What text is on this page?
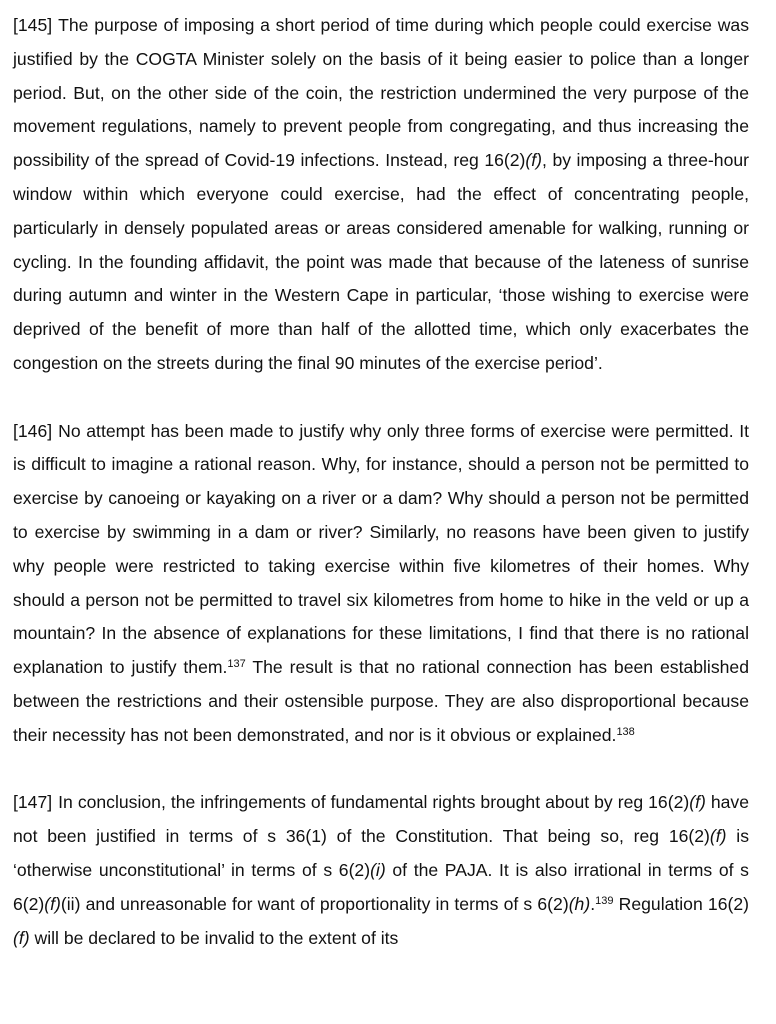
[145] The purpose of imposing a short period of time during which people could exercise was justified by the COGTA Minister solely on the basis of it being easier to police than a longer period. But, on the other side of the coin, the restriction undermined the very purpose of the movement regulations, namely to prevent people from congregating, and thus increasing the possibility of the spread of Covid-19 infections. Instead, reg 16(2)(f), by imposing a three-hour window within which everyone could exercise, had the effect of concentrating people, particularly in densely populated areas or areas considered amenable for walking, running or cycling. In the founding affidavit, the point was made that because of the lateness of sunrise during autumn and winter in the Western Cape in particular, ‘those wishing to exercise were deprived of the benefit of more than half of the allotted time, which only exacerbates the congestion on the streets during the final 90 minutes of the exercise period’.

[146] No attempt has been made to justify why only three forms of exercise were permitted. It is difficult to imagine a rational reason. Why, for instance, should a person not be permitted to exercise by canoeing or kayaking on a river or a dam? Why should a person not be permitted to exercise by swimming in a dam or river? Similarly, no reasons have been given to justify why people were restricted to taking exercise within five kilometres of their homes. Why should a person not be permitted to travel six kilometres from home to hike in the veld or up a mountain? In the absence of explanations for these limitations, I find that there is no rational explanation to justify them.$^{137}$ The result is that no rational connection has been established between the restrictions and their ostensible purpose. They are also disproportional because their necessity has not been demonstrated, and nor is it obvious or explained.$^{138}$

[147] In conclusion, the infringements of fundamental rights brought about by reg 16(2)(f) have not been justified in terms of s 36(1) of the Constitution. That being so, reg 16(2)(f) is ‘otherwise unconstitutional’ in terms of s 6(2)(i) of the PAJA. It is also irrational in terms of s 6(2)(f)(ii) and unreasonable for want of proportionality in terms of s 6(2)(h).$^{139}$ Regulation 16(2)(f) will be declared to be invalid to the extent of its
